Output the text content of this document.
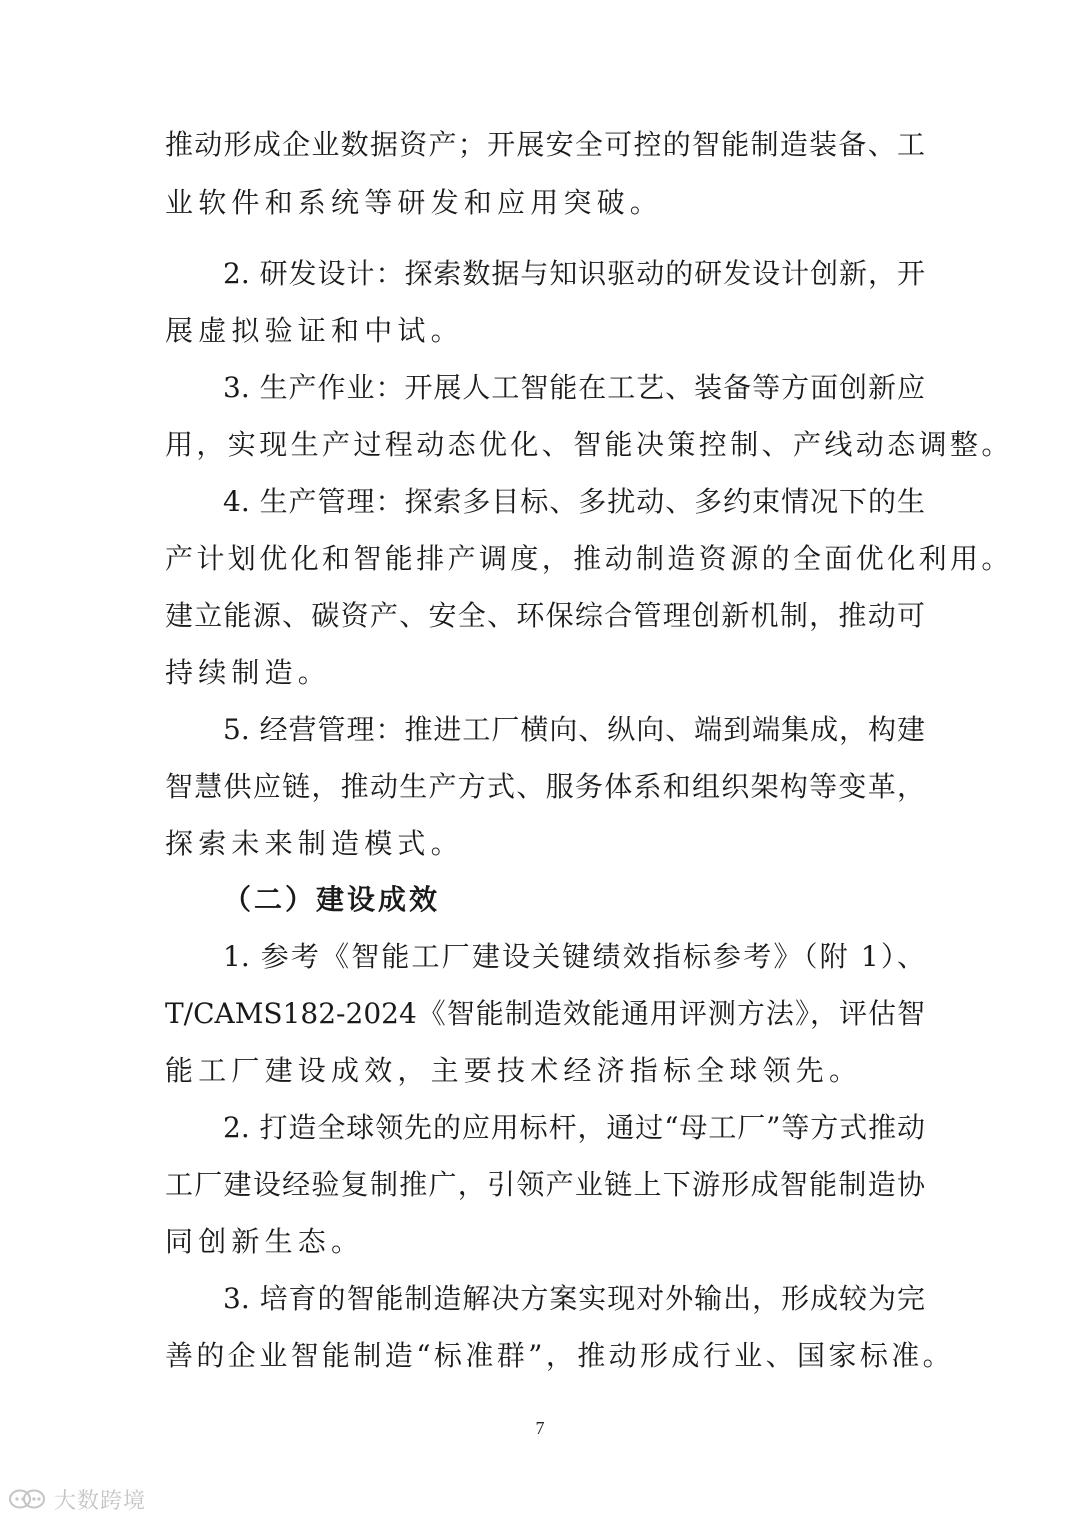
推动形成企业数据资产；开展安全可控的智能制造装备、工
业软件和系统等研发和应用突破。
2. 研发设计：探索数据与知识驱动的研发设计创新，开
展虚拟验证和中试。
3. 生产作业：开展人工智能在工艺、装备等方面创新应
用，实现生产过程动态优化、智能决策控制、产线动态调整。
4. 生产管理：探索多目标、多扰动、多约束情况下的生
产计划优化和智能排产调度，推动制造资源的全面优化利用。
建立能源、碳资产、安全、环保综合管理创新机制，推动可
持续制造。
5. 经营管理：推进工厂横向、纵向、端到端集成，构建
智慧供应链，推动生产方式、服务体系和组织架构等变革，
探索未来制造模式。
（二）建设成效
1. 参考《智能工厂建设关键绩效指标参考》（附 1）、
T/CAMS182-2024《智能制造效能通用评测方法》，评估智
能工厂建设成效，主要技术经济指标全球领先。
2. 打造全球领先的应用标杆，通过“母工厂”等方式推动
工厂建设经验复制推广，引领产业链上下游形成智能制造协
同创新生态。
3. 培育的智能制造解决方案实现对外输出，形成较为完
善的企业智能制造“标准群”，推动形成行业、国家标准。
7
大数跨境
